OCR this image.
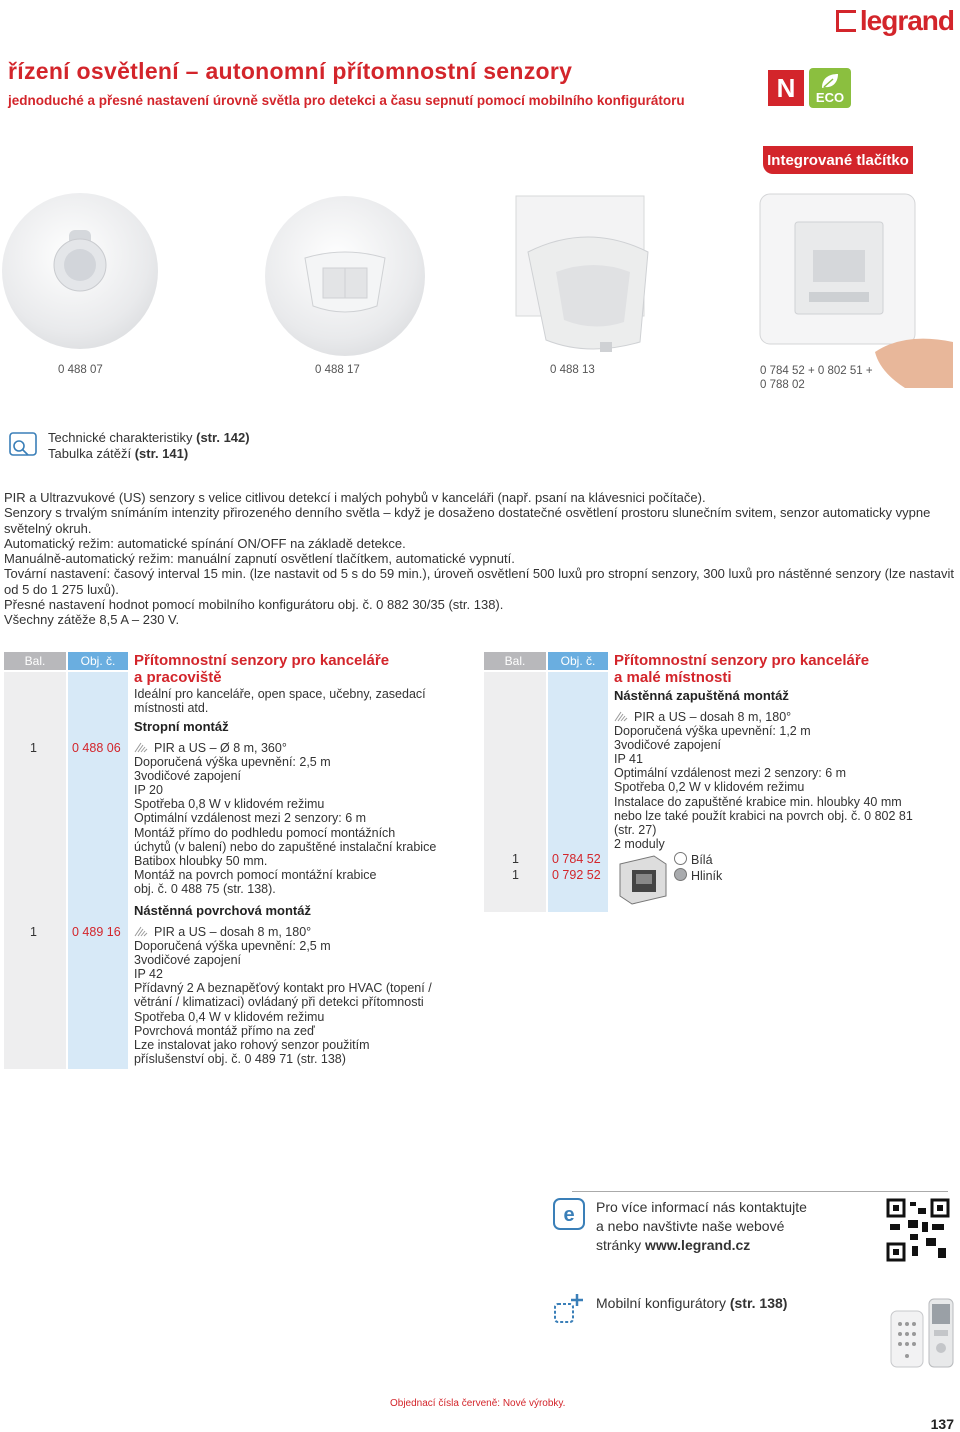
legrand
řízení osvětlení – autonomní přítomnostní senzory
jednoduché a přesné nastavení úrovně světla pro detekci a času sepnutí pomocí mobilního konfigurátoru	N	ECO
Integrované tlačítko
0 488 07	0 488 17	0 488 13	0 784 52 + 0 802 51 +
0 788 02
Technické charakteristiky (str. 142)
Tabulka zátěží (str. 141)
PIR a Ultrazvukové (US) senzory s velice citlivou detekcí i malých pohybů v kanceláři (např. psaní na klávesnici počítače).
Senzory s trvalým snímáním intenzity přirozeného denního světla – když je dosaženo dostatečné osvětlení prostoru slunečním svitem, senzor automaticky vypne světelný okruh.
Automatický režim: automatické spínání ON/OFF na základě detekce.
Manuálně-automatický režim: manuální zapnutí osvětlení tlačítkem, automatické vypnutí.
Tovární nastavení: časový interval 15 min. (lze nastavit od 5 s do 59 min.), úroveň osvětlení 500 luxů pro stropní senzory, 300 luxů pro nástěnné senzory (lze nastavit od 5 do 1 275 luxů).
Přesné nastavení hodnot pomocí mobilního konfigurátoru obj. č. 0 882 30/35 (str. 138).
Všechny zátěže 8,5 A – 230 V.
Bal.	Obj. č.	Přítomnostní senzory pro kanceláře
a pracoviště
Ideální pro kanceláře, open space, učebny, zasedací
místnosti atd.
Stropní montáž
1	0 488 06	PIR a US – Ø 8 m, 360°
Doporučená výška upevnění: 2,5 m
3vodičové zapojení
IP 20
Spotřeba 0,8 W v klidovém režimu
Optimální vzdálenost mezi 2 senzory: 6 m
Montáž přímo do podhledu pomocí montážních
úchytů (v balení) nebo do zapuštěné instalační krabice
Batibox hloubky 50 mm.
Montáž na povrch pomocí montážní krabice
obj. č. 0 488 75 (str. 138).
Nástěnná povrchová montáž
1	0 489 16	PIR a US – dosah 8 m, 180°
Doporučená výška upevnění: 2,5 m
3vodičové zapojení
IP 42
Přídavný 2 A beznapěťový kontakt pro HVAC (topení /
větrání / klimatizaci) ovládaný při detekci přítomnosti
Spotřeba 0,4 W v klidovém režimu
Povrchová montáž přímo na zeď
Lze instalovat jako rohový senzor použitím
příslušenství obj. č. 0 489 71 (str. 138)
Bal.	Obj. č.	Přítomnostní senzory pro kanceláře
a malé místnosti
Nástěnná zapuštěná montáž
PIR a US – dosah 8 m, 180°
Doporučená výška upevnění: 1,2 m
3vodičové zapojení
IP 41
Optimální vzdálenost mezi 2 senzory: 6 m
Spotřeba 0,2 W v klidovém režimu
Instalace do zapuštěné krabice min. hloubky 40 mm
nebo lze také použít krabici na povrch obj. č. 0 802 81
(str. 27)
2 moduly
1	0 784 52
1	0 792 52
Bílá
Hliník
e Pro více informací nás kontaktujte
a nebo navštivte naše webové
stránky www.legrand.cz
Mobilní konfigurátory (str. 138)
Objednací čísla červeně: Nové výrobky.
137
